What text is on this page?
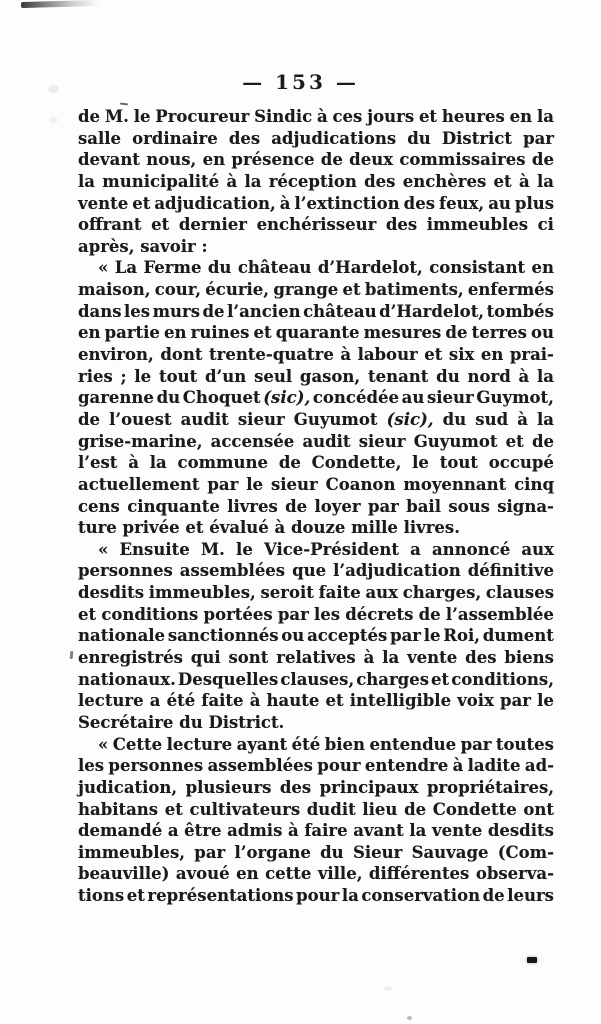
— 153 —
de M. le Procureur Sindic à ces jours et heures en la
salle ordinaire des adjudications du District par
devant nous, en présence de deux commissaires de
la municipalité à la réception des enchères et à la
vente et adjudication, à l’extinction des feux, au plus
offrant et dernier enchérisseur des immeubles ci
après, savoir :
« La Ferme du château d’Hardelot, consistant en
maison, cour, écurie, grange et batiments, enfermés
dans les murs de l’ancien château d’Hardelot, tombés
en partie en ruines et quarante mesures de terres ou
environ, dont trente-quatre à labour et six en prai-
ries ; le tout d’un seul gason, tenant du nord à la
garenne du Choquet (sic), concédée au sieur Guymot,
de l’ouest audit sieur Guyumot (sic), du sud à la
grise-marine, accensée audit sieur Guyumot et de
l’est à la commune de Condette, le tout occupé
actuellement par le sieur Coanon moyennant cinq
cens cinquante livres de loyer par bail sous signa-
ture privée et évalué à douze mille livres.
« Ensuite M. le Vice-Président a annoncé aux
personnes assemblées que l’adjudication définitive
desdits immeubles, seroit faite aux charges, clauses
et conditions portées par les décrets de l’assemblée
nationale sanctionnés ou acceptés par le Roi, dument
enregistrés qui sont relatives à la vente des biens
nationaux. Desquelles clauses, charges et conditions,
lecture a été faite à haute et intelligible voix par le
Secrétaire du District.
« Cette lecture ayant été bien entendue par toutes
les personnes assemblées pour entendre à ladite ad-
judication, plusieurs des principaux propriétaires,
habitans et cultivateurs dudit lieu de Condette ont
demandé a être admis à faire avant la vente desdits
immeubles, par l’organe du Sieur Sauvage (Com-
beauville) avoué en cette ville, différentes observa-
tions et représentations pour la conservation de leurs
